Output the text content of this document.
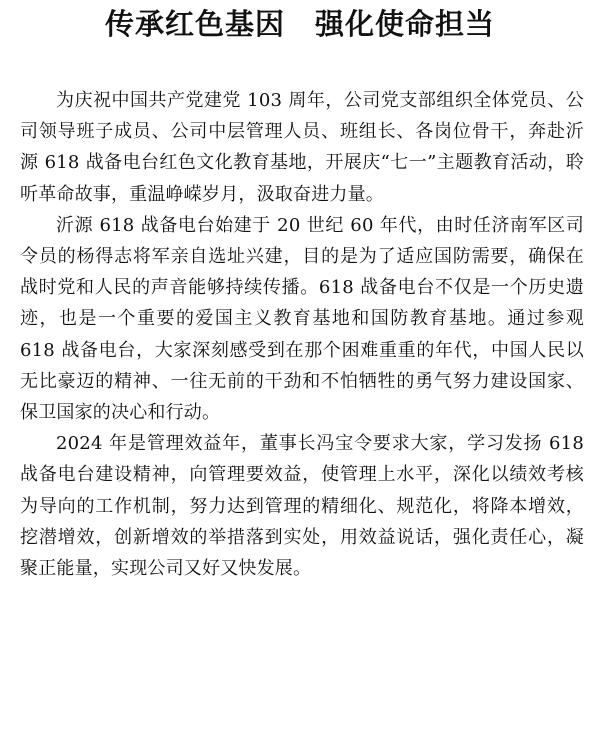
传承红色基因　强化使命担当

为庆祝中国共产党建党 103 周年，公司党支部组织全体党员、公司领导班子成员、公司中层管理人员、班组长、各岗位骨干，奔赴沂源 618 战备电台红色文化教育基地，开展庆“七一”主题教育活动，聆听革命故事，重温峥嵘岁月，汲取奋进力量。

沂源 618 战备电台始建于 20 世纪 60 年代，由时任济南军区司令员的杨得志将军亲自选址兴建，目的是为了适应国防需要，确保在战时党和人民的声音能够持续传播。618 战备电台不仅是一个历史遗迹，也是一个重要的爱国主义教育基地和国防教育基地。通过参观 618 战备电台，大家深刻感受到在那个困难重重的年代，中国人民以无比豪迈的精神、一往无前的干劲和不怕牺牲的勇气努力建设国家、保卫国家的决心和行动。

2024 年是管理效益年，董事长冯宝令要求大家，学习发扬 618 战备电台建设精神，向管理要效益，使管理上水平，深化以绩效考核为导向的工作机制，努力达到管理的精细化、规范化，将降本增效，挖潜增效，创新增效的举措落到实处，用效益说话，强化责任心，凝聚正能量，实现公司又好又快发展。
